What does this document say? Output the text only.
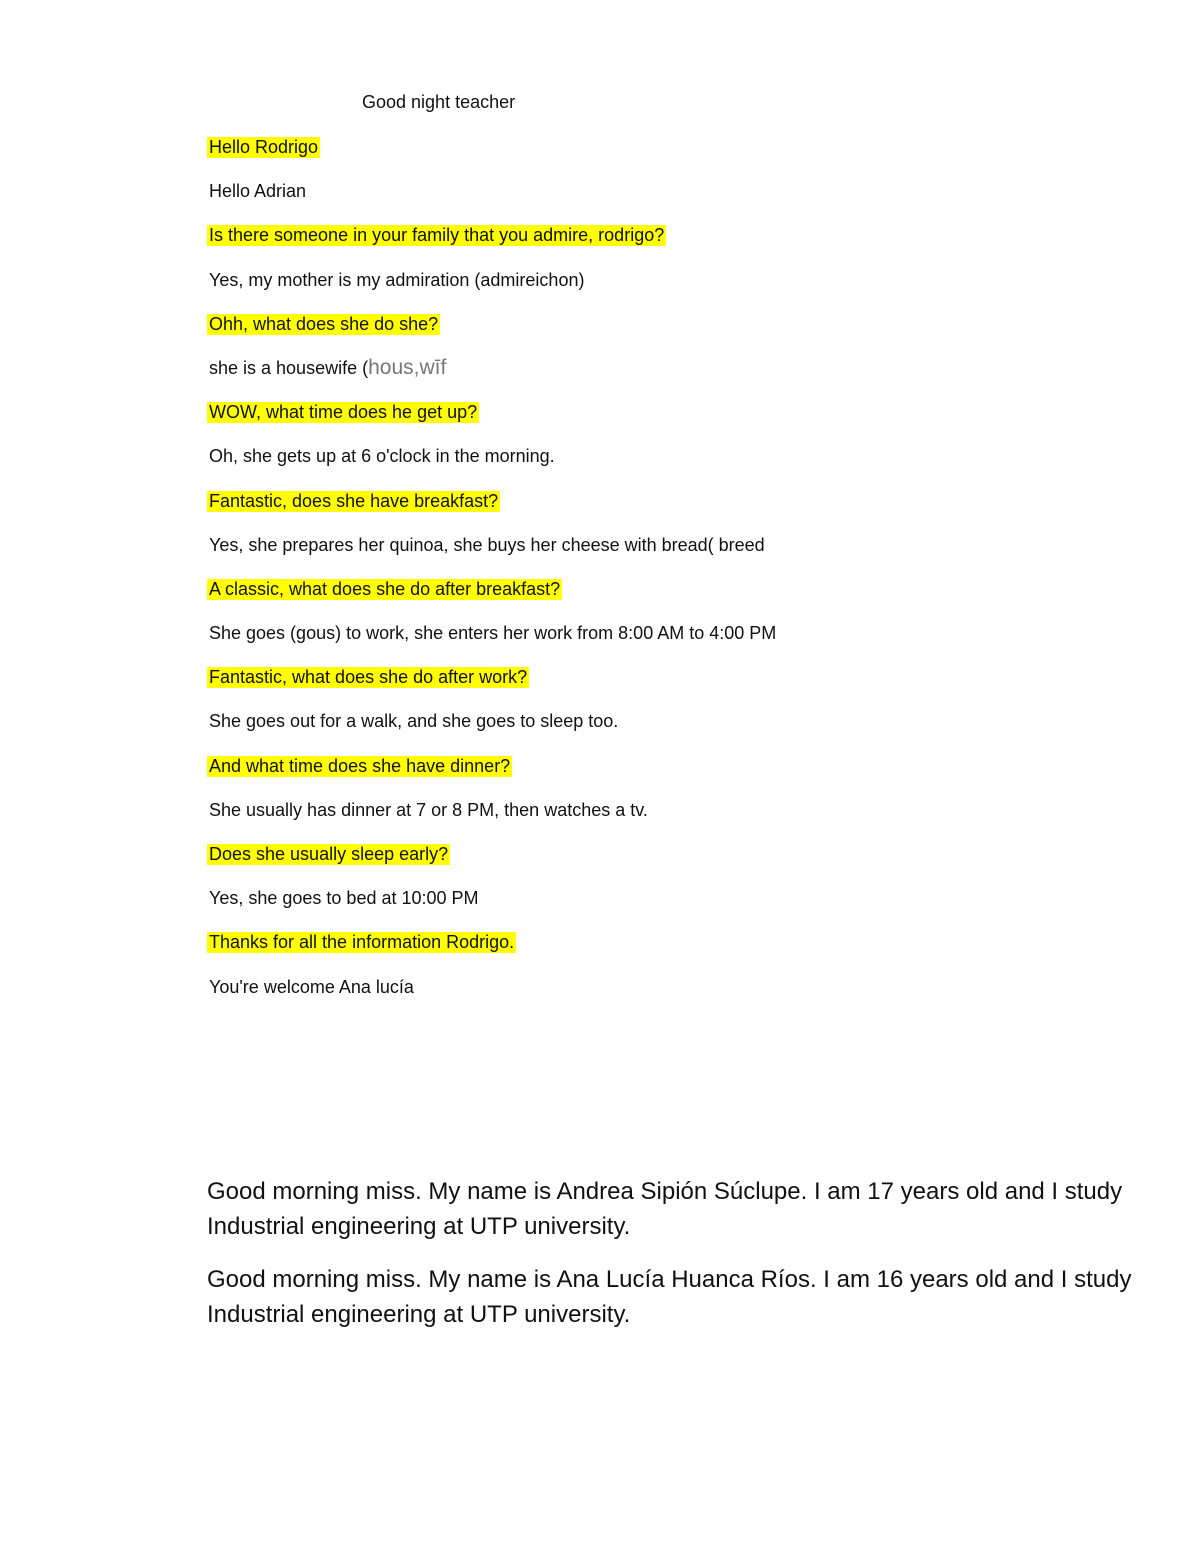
Good night teacher
Hello Rodrigo
Hello Adrian
Is there someone in your family that you admire, rodrigo?
Yes, my mother is my admiration (admireichon)
Ohh, what does she do she?
she is a housewife (hous,wīf
WOW, what time does he get up?
Oh, she gets up at 6 o'clock in the morning.
Fantastic, does she have breakfast?
Yes, she prepares her quinoa, she buys her cheese with bread( breed
A classic, what does she do after breakfast?
She goes (gous) to work, she enters her work from 8:00 AM to 4:00 PM
Fantastic, what does she do after work?
She goes out for a walk, and she goes to sleep too.
And what time does she have dinner?
She usually has dinner at 7 or 8 PM, then watches a tv.
Does she usually sleep early?
Yes, she goes to bed at 10:00 PM
Thanks for all the information Rodrigo.
You're welcome Ana lucía

Good morning miss. My name is Andrea Sipión Súclupe. I am 17 years old and I study Industrial engineering at UTP university.

Good morning miss. My name is Ana Lucía Huanca Ríos. I am 16 years old and I study Industrial engineering at UTP university.
